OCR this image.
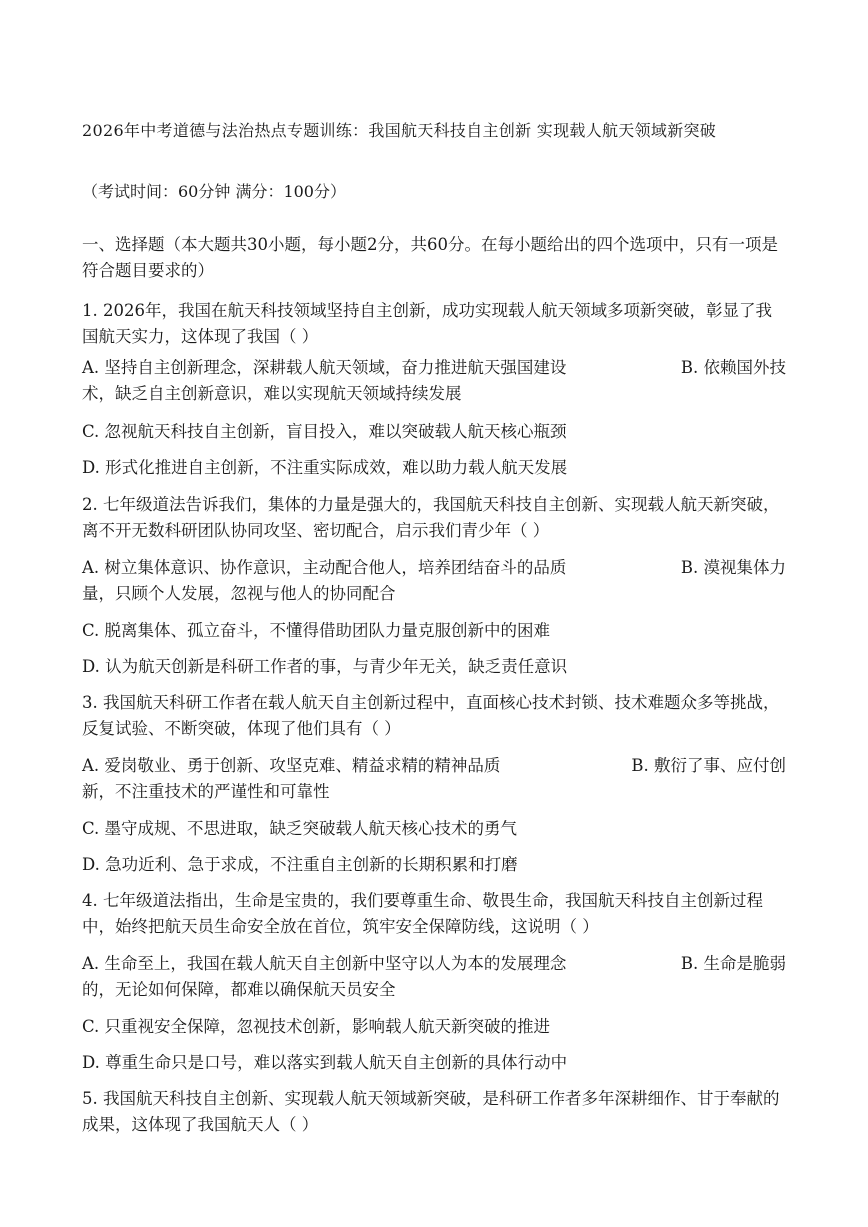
2026年中考道德与法治热点专题训练：我国航天科技自主创新 实现载人航天领域新突破
（考试时间：60分钟 满分：100分）
一、选择题（本大题共30小题，每小题2分，共60分。在每小题给出的四个选项中，只有一项是符合题目要求的）
1. 2026年，我国在航天科技领域坚持自主创新，成功实现载人航天领域多项新突破，彰显了我国航天实力，这体现了我国（ ）
A. 坚持自主创新理念，深耕载人航天领域，奋力推进航天强国建设	B. 依赖国外技
术，缺乏自主创新意识，难以实现航天领域持续发展
C. 忽视航天科技自主创新，盲目投入，难以突破载人航天核心瓶颈
D. 形式化推进自主创新，不注重实际成效，难以助力载人航天发展
2. 七年级道法告诉我们，集体的力量是强大的，我国航天科技自主创新、实现载人航天新突破，离不开无数科研团队协同攻坚、密切配合，启示我们青少年（ ）
A. 树立集体意识、协作意识，主动配合他人，培养团结奋斗的品质	B. 漠视集体力
量，只顾个人发展，忽视与他人的协同配合
C. 脱离集体、孤立奋斗，不懂得借助团队力量克服创新中的困难
D. 认为航天创新是科研工作者的事，与青少年无关，缺乏责任意识
3. 我国航天科研工作者在载人航天自主创新过程中，直面核心技术封锁、技术难题众多等挑战，反复试验、不断突破，体现了他们具有（ ）
A. 爱岗敬业、勇于创新、攻坚克难、精益求精的精神品质	B. 敷衍了事、应付创
新，不注重技术的严谨性和可靠性
C. 墨守成规、不思进取，缺乏突破载人航天核心技术的勇气
D. 急功近利、急于求成，不注重自主创新的长期积累和打磨
4. 七年级道法指出，生命是宝贵的，我们要尊重生命、敬畏生命，我国航天科技自主创新过程中，始终把航天员生命安全放在首位，筑牢安全保障防线，这说明（ ）
A. 生命至上，我国在载人航天自主创新中坚守以人为本的发展理念	B. 生命是脆弱
的，无论如何保障，都难以确保航天员安全
C. 只重视安全保障，忽视技术创新，影响载人航天新突破的推进
D. 尊重生命只是口号，难以落实到载人航天自主创新的具体行动中
5. 我国航天科技自主创新、实现载人航天领域新突破，是科研工作者多年深耕细作、甘于奉献的成果，这体现了我国航天人（ ）
